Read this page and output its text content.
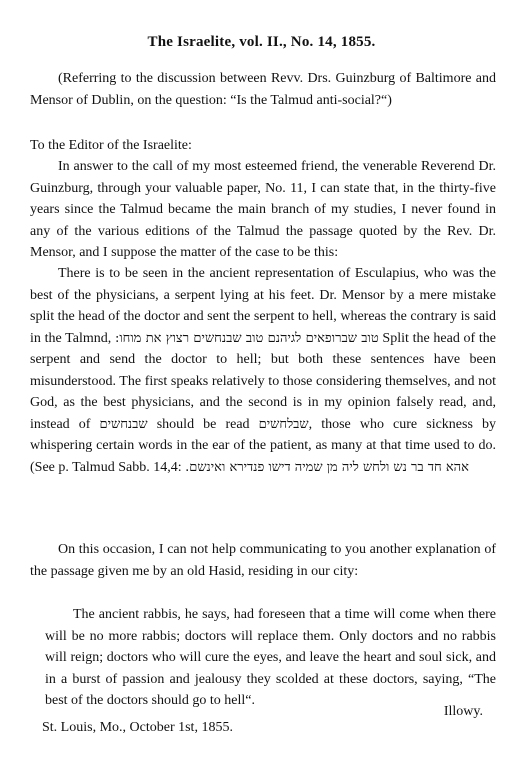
The Israelite, vol. II., No. 14, 1855.
(Referring to the discussion between Revv. Drs. Guinzburg of Baltimore and Mensor of Dublin, on the question: “Is the Talmud anti-social?“)
To the Editor of the Israelite:
In answer to the call of my most esteemed friend, the venerable Reverend Dr. Guinzburg, through your valuable paper, No. 11, I can state that, in the thirty-five years since the Talmud became the main branch of my studies, I never found in any of the various editions of the Talmud the passage quoted by the Rev. Dr. Mensor, and I suppose the matter of the case to be this:
There is to be seen in the ancient representation of Esculapius, who was the best of the physicians, a serpent lying at his feet. Dr. Mensor by a mere mistake split the head of the doctor and sent the serpent to hell, whereas the contrary is said in the Talmnd, טוב שברופאים לגיהנם טוב שבנחשים רצוץ את מוחו: Split the head of the serpent and send the doctor to hell; but both these sentences have been misunderstood. The first speaks relatively to those considering themselves, and not God, as the best physicians, and the second is in my opinion falsely read, and, instead of שבנחשים should be read שבלחשים, those who cure sickness by whispering certain words in the ear of the patient, as many at that time used to do. (See p. Talmud Sabb. 14,4: אהא חד בר נש ולחש ליה מן שמיה דישו פנדירא ואינשם.
On this occasion, I can not help communicating to you another explanation of the passage given me by an old Hasid, residing in our city:
The ancient rabbis, he says, had foreseen that a time will come when there will be no more rabbis; doctors will replace them. Only doctors and no rabbis will reign; doctors who will cure the eyes, and leave the heart and soul sick, and in a burst of passion and jealousy they scolded at these doctors, saying, “The best of the doctors should go to hell“.
Illowy.
St. Louis, Mo., October 1st, 1855.
